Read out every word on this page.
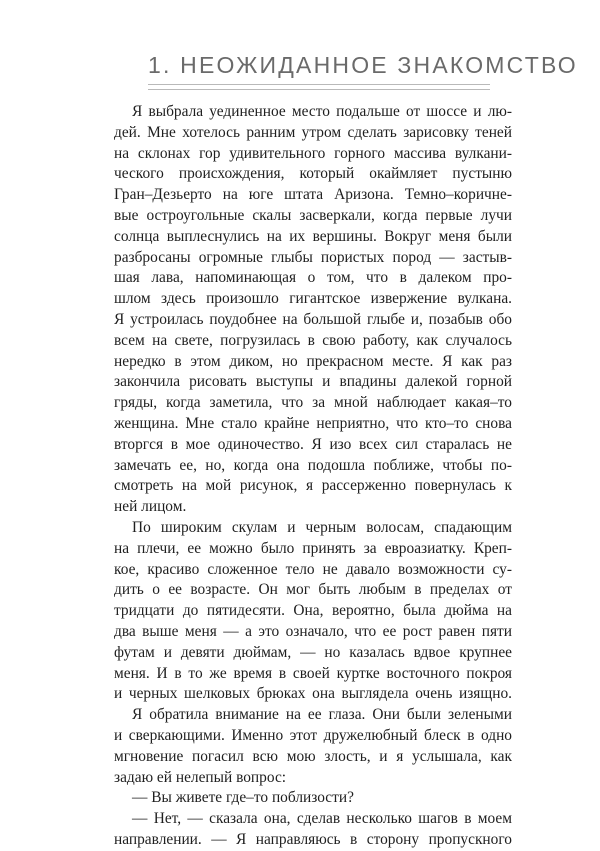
1. НЕОЖИДАННОЕ ЗНАКОМСТВО
Я выбрала уединенное место подальше от шоссе и лю-
дей. Мне хотелось ранним утром сделать зарисовку теней
на склонах гор удивительного горного массива вулкани-
ческого происхождения, который окаймляет пустыню
Гран–Дезьерто на юге штата Аризона. Темно–коричне-
вые остроугольные скалы засверкали, когда первые лучи
солнца выплеснулись на их вершины. Вокруг меня были
разбросаны огромные глыбы пористых пород — застыв-
шая лава, напоминающая о том, что в далеком про-
шлом здесь произошло гигантское извержение вулкана.
Я устроилась поудобнее на большой глыбе и, позабыв обо
всем на свете, погрузилась в свою работу, как случалось
нередко в этом диком, но прекрасном месте. Я как раз
закончила рисовать выступы и впадины далекой горной
гряды, когда заметила, что за мной наблюдает какая–то
женщина. Мне стало крайне неприятно, что кто–то снова
вторгся в мое одиночество. Я изо всех сил старалась не
замечать ее, но, когда она подошла поближе, чтобы по-
смотреть на мой рисунок, я рассерженно повернулась к
ней лицом.
По широким скулам и черным волосам, спадающим
на плечи, ее можно было принять за евроазиатку. Креп-
кое, красиво сложенное тело не давало возможности су-
дить о ее возрасте. Он мог быть любым в пределах от
тридцати до пятидесяти. Она, вероятно, была дюйма на
два выше меня — а это означало, что ее рост равен пяти
футам и девяти дюймам, — но казалась вдвое крупнее
меня. И в то же время в своей куртке восточного покроя
и черных шелковых брюках она выглядела очень изящно.
Я обратила внимание на ее глаза. Они были зелеными
и сверкающими. Именно этот дружелюбный блеск в одно
мгновение погасил всю мою злость, и я услышала, как
задаю ей нелепый вопрос:
— Вы живете где–то поблизости?
— Нет, — сказала она, сделав несколько шагов в моем
направлении. — Я направляюсь в сторону пропускного
